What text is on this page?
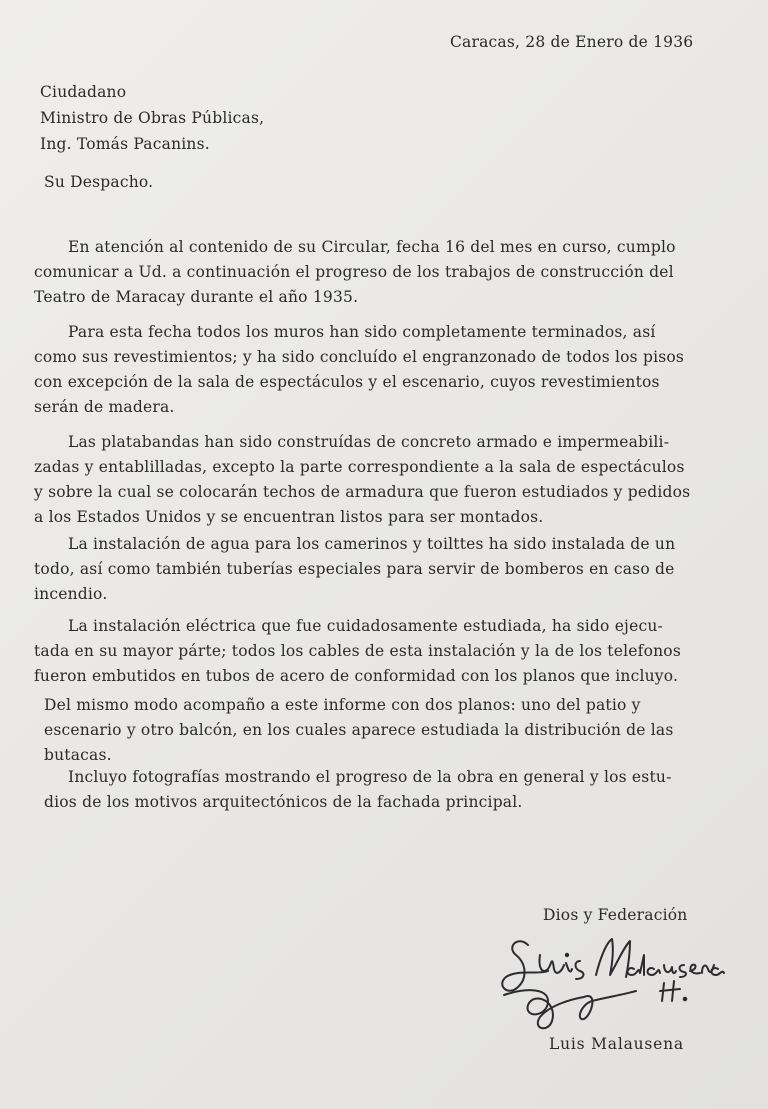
Caracas, 28 de Enero de 1936
Ciudadano
Ministro de Obras Públicas,
Ing. Tomás Pacanins.
Su Despacho.
En atención al contenido de su Circular, fecha 16 del mes en curso, cumplo
comunicar a Ud. a continuación el progreso de los trabajos de construcción del
Teatro de Maracay durante el año 1935.
Para esta fecha todos los muros han sido completamente terminados, así
como sus revestimientos; y ha sido concluído el engranzonado de todos los pisos
con excepción de la sala de espectáculos y el escenario, cuyos revestimientos
serán de madera.
Las platabandas han sido construídas de concreto armado e impermeabili-
zadas y entablilladas, excepto la parte correspondiente a la sala de espectáculos
y sobre la cual se colocarán techos de armadura que fueron estudiados y pedidos
a los Estados Unidos y se encuentran listos para ser montados.
La instalación de agua para los camerinos y toilttes ha sido instalada de un
todo, así como también tuberías especiales para servir de bomberos en caso de
incendio.
La instalación eléctrica que fue cuidadosamente estudiada, ha sido ejecu-
tada en su mayor párte; todos los cables de esta instalación y la de los telefonos
fueron embutidos en tubos de acero de conformidad con los planos que incluyo.
Del mismo modo acompaño a este informe con dos planos: uno del patio y
escenario y otro balcón, en los cuales aparece estudiada la distribución de las
butacas.
Incluyo fotografías mostrando el progreso de la obra en general y los estu-
dios de los motivos arquitectónicos de la fachada principal.
Dios y Federación
Luis Malausena
